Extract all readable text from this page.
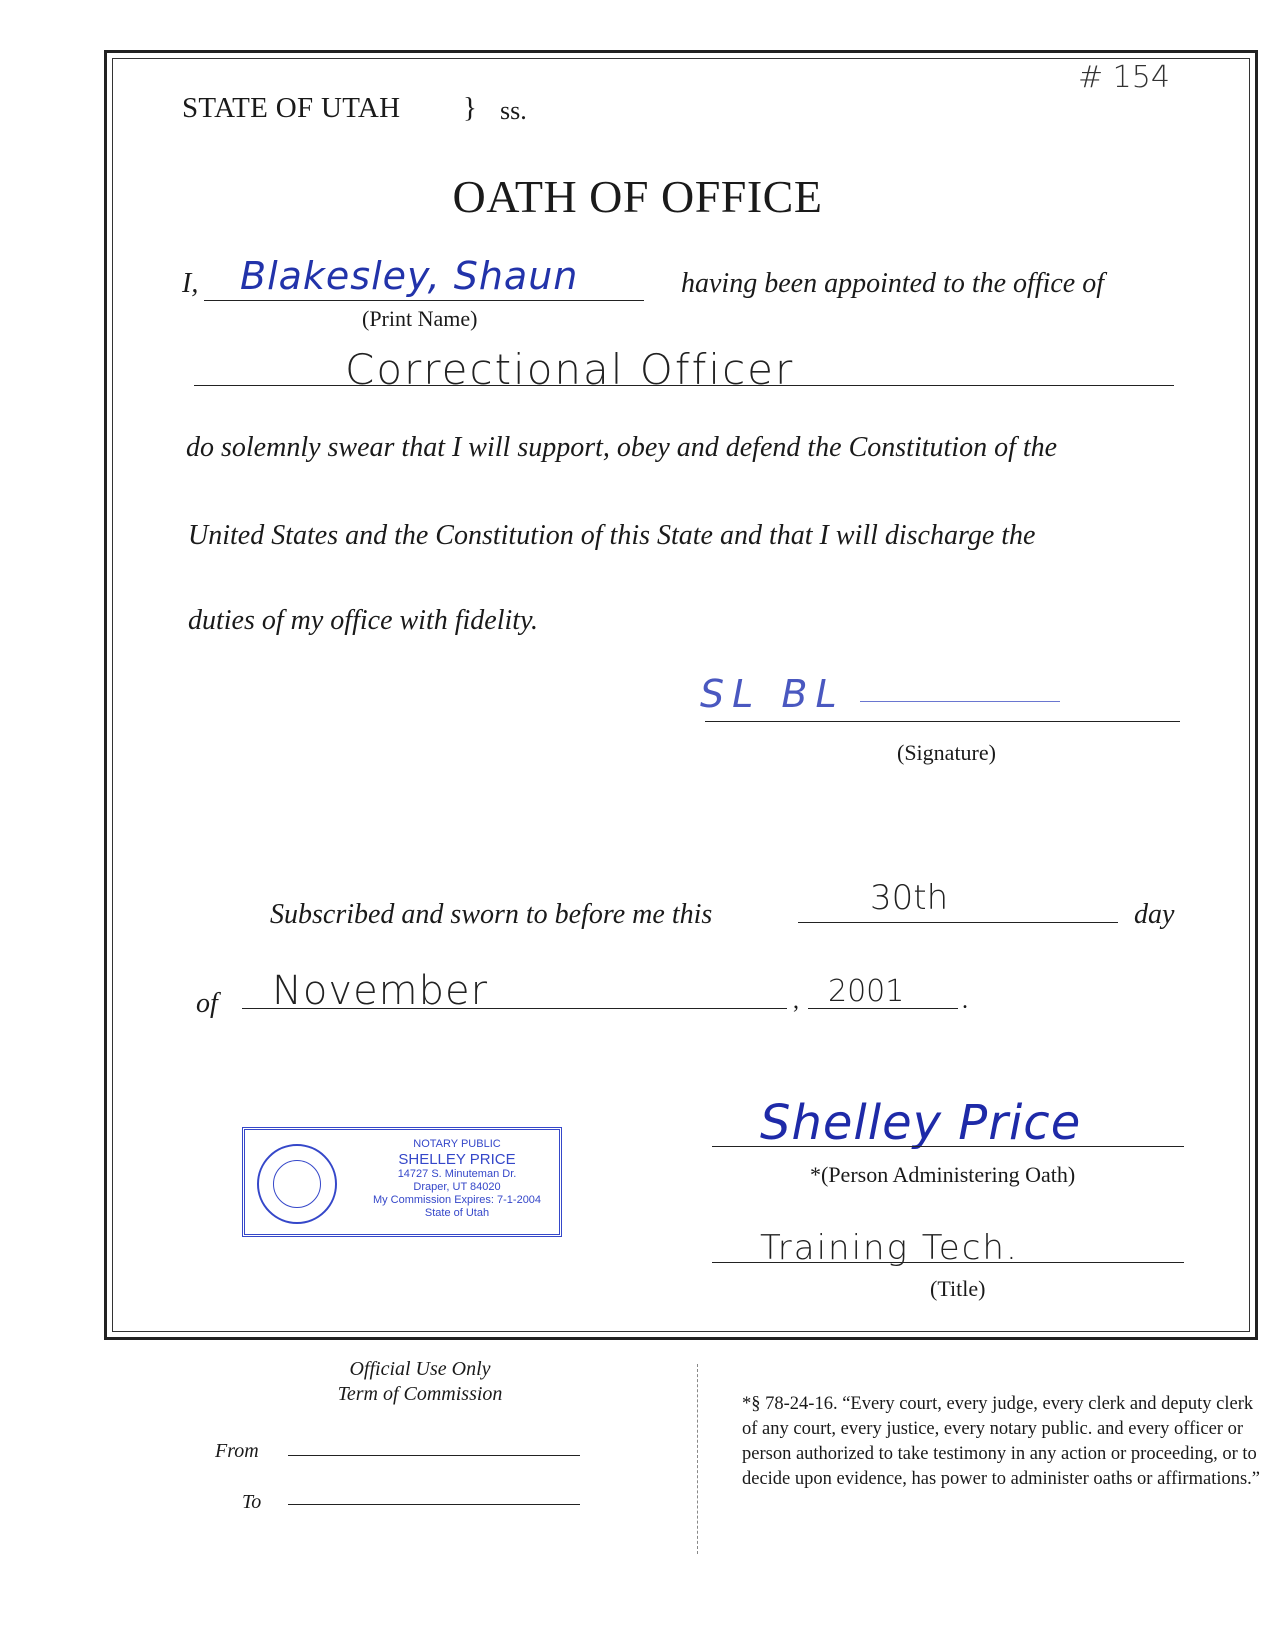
STATE OF UTAH } ss.
# 154
OATH OF OFFICE
I, Blakesley, Shaun
(Print Name)
having been appointed to the office of
Correctional Officer
do solemnly swear that I will support, obey and defend the Constitution of the
United States and the Constitution of this State and that I will discharge the
duties of my office with fidelity.
SL BL
(Signature)
Subscribed and sworn to before me this	30th	day
of November	, 2001 .
Shelley Price
*(Person Administering Oath)
Training Tech.
(Title)
NOTARY PUBLIC
SHELLEY PRICE
14727 S. Minuteman Dr.
Draper, UT 84020
My Commission Expires: 7-1-2004
State of Utah
Official Use Only
Term of Commission
From
To
*§ 78-24-16. “Every court, every judge, every clerk and deputy clerk of any court, every justice, every notary public. and every officer or person authorized to take testimony in any action or proceeding, or to decide upon evidence, has power to administer oaths or affirmations.”
